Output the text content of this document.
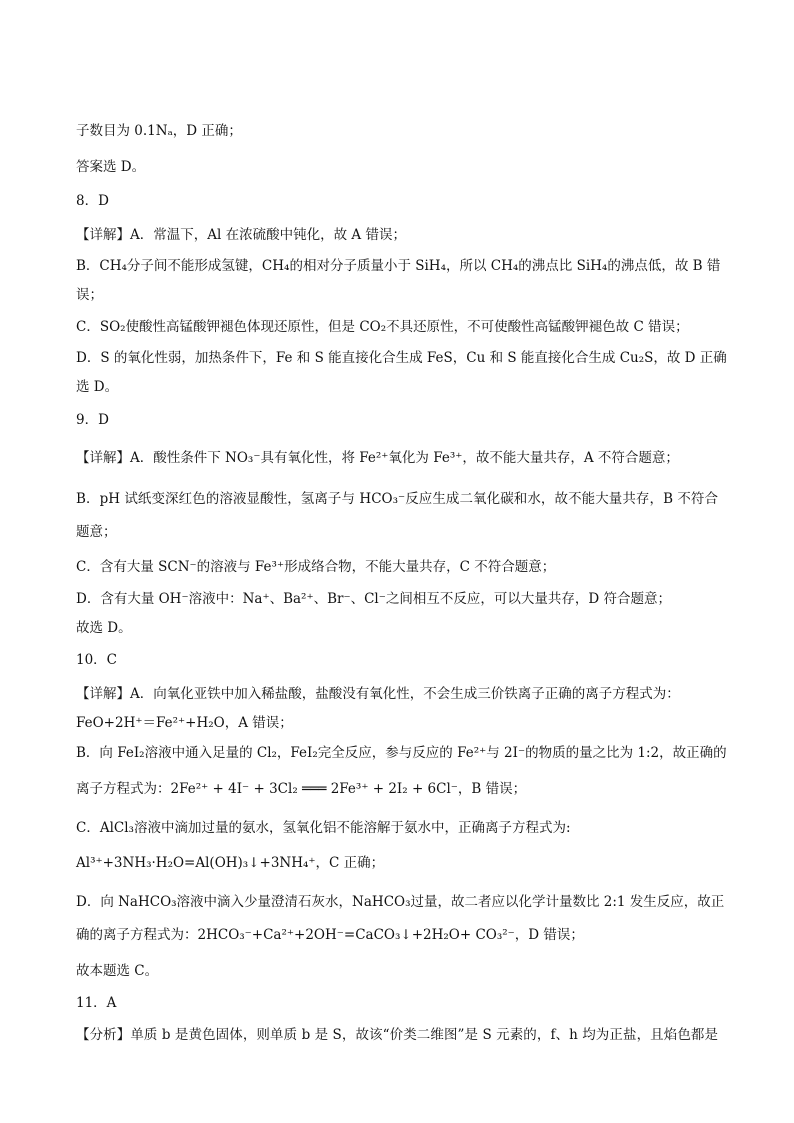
子数目为 0.1Nₐ，D 正确；
答案选 D。
8．D
【详解】A．常温下，Al 在浓硫酸中钝化，故 A 错误；
B．CH₄分子间不能形成氢键，CH₄的相对分子质量小于 SiH₄，所以 CH₄的沸点比 SiH₄的沸点低，故 B 错
误；
C．SO₂使酸性高锰酸钾褪色体现还原性，但是 CO₂不具还原性，不可使酸性高锰酸钾褪色故 C 错误；
D．S 的氧化性弱，加热条件下，Fe 和 S 能直接化合生成 FeS，Cu 和 S 能直接化合生成 Cu₂S，故 D 正确
选 D。
9．D
【详解】A．酸性条件下 NO₃⁻具有氧化性，将 Fe²⁺氧化为 Fe³⁺，故不能大量共存，A 不符合题意；
B．pH 试纸变深红色的溶液显酸性，氢离子与 HCO₃⁻反应生成二氧化碳和水，故不能大量共存，B 不符合
题意；
C．含有大量 SCN⁻的溶液与 Fe³⁺形成络合物，不能大量共存，C 不符合题意；
D．含有大量 OH⁻溶液中：Na⁺、Ba²⁺、Br⁻、Cl⁻之间相互不反应，可以大量共存，D 符合题意；
故选 D。
10．C
【详解】A．向氧化亚铁中加入稀盐酸，盐酸没有氧化性，不会生成三价铁离子正确的离子方程式为：
FeO+2H⁺＝Fe²⁺+H₂O，A 错误；
B．向 FeI₂溶液中通入足量的 Cl₂，FeI₂完全反应，参与反应的 Fe²⁺与 2I⁻的物质的量之比为 1:2，故正确的
离子方程式为：2Fe²⁺ + 4I⁻ + 3Cl₂ ═══ 2Fe³⁺ + 2I₂ + 6Cl⁻，B 错误；
C．AlCl₃溶液中滴加过量的氨水，氢氧化铝不能溶解于氨水中，正确离子方程式为:
Al³⁺+3NH₃·H₂O=Al(OH)₃↓+3NH₄⁺，C 正确；
D．向 NaHCO₃溶液中滴入少量澄清石灰水，NaHCO₃过量，故二者应以化学计量数比 2:1 发生反应，故正
确的离子方程式为：2HCO₃⁻+Ca²⁺+2OH⁻=CaCO₃↓+2H₂O+ CO₃²⁻，D 错误；
故本题选 C。
11．A
【分析】单质 b 是黄色固体，则单质 b 是 S，故该“价类二维图”是 S 元素的，f、h 均为正盐，且焰色都是
